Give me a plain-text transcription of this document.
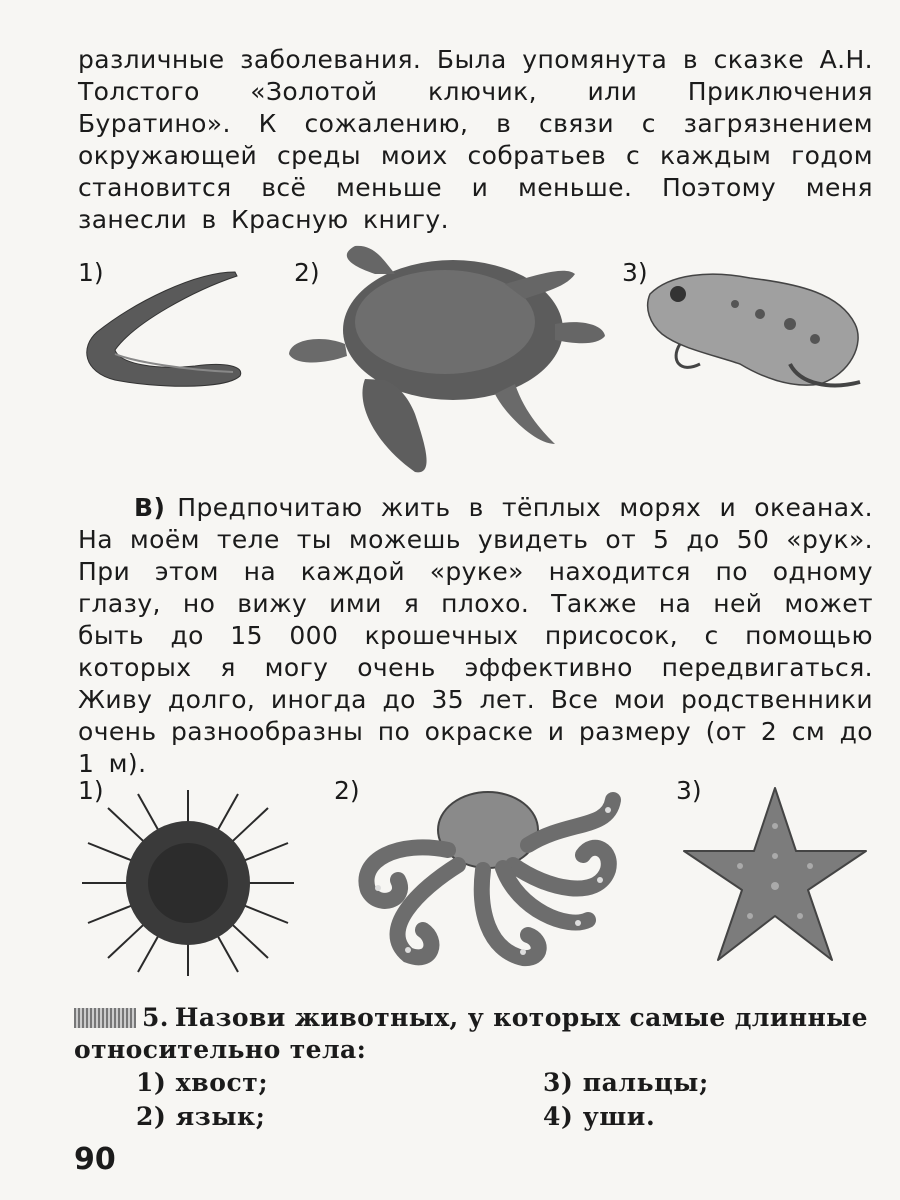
различные заболевания. Была упомянута в сказке А.Н. Толстого «Золотой ключик, или Приключения Буратино». К сожалению, в связи с загрязнением окружающей среды моих собратьев с каждым годом становится всё меньше и меньше. Поэтому меня занесли в Красную книгу.
1)	2)	3)
В) Предпочитаю жить в тёплых морях и океанах. На моём теле ты можешь увидеть от 5 до 50 «рук». При этом на каждой «руке» находится по одному глазу, но вижу ими я плохо. Также на ней может быть до 15 000 крошечных присосок, с помощью которых я могу очень эффективно передвигаться. Живу долго, иногда до 35 лет. Все мои родственники очень разнообразны по окраске и размеру (от 2 см до 1 м).
1)	2)	3)
5. Назови животных, у которых самые длинные относительно тела:
1) хвост;
2) язык;
3) пальцы;
4) уши.
90
